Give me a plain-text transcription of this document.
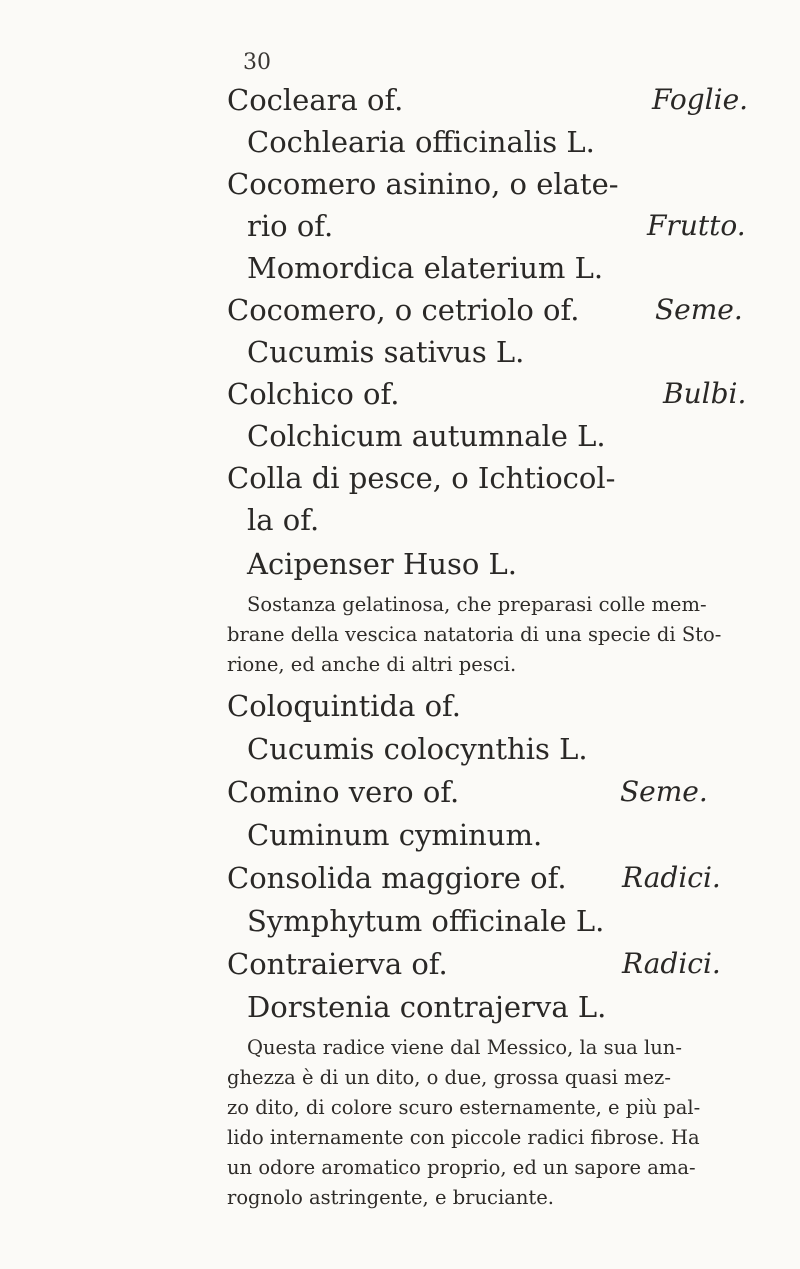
30
Cocleara of.	Foglie.
Cochlearia officinalis L.
Cocomero asinino, o elate-
rio of.	Frutto.
Momordica elaterium L.
Cocomero, o cetriolo of.	Seme.
Cucumis sativus L.
Colchico of.	Bulbi.
Colchicum autumnale L.
Colla di pesce, o Ichtiocol-
la of.
Acipenser Huso L.
Sostanza gelatinosa, che preparasi colle mem-
brane della vescica natatoria di una specie di Sto-
rione, ed anche di altri pesci.
Coloquintida of.
Cucumis colocynthis L.
Comino vero of.	Seme.
Cuminum cyminum.
Consolida maggiore of. Radici.
Symphytum officinale L.
Contraierva of.	Radici.
Dorstenia contrajerva L.
Questa radice viene dal Messico, la sua lun-
ghezza è di un dito, o due, grossa quasi mez-
zo dito, di colore scuro esternamente, e più pal-
lido internamente con piccole radici fibrose. Ha
un odore aromatico proprio, ed un sapore ama-
rognolo astringente, e bruciante.
